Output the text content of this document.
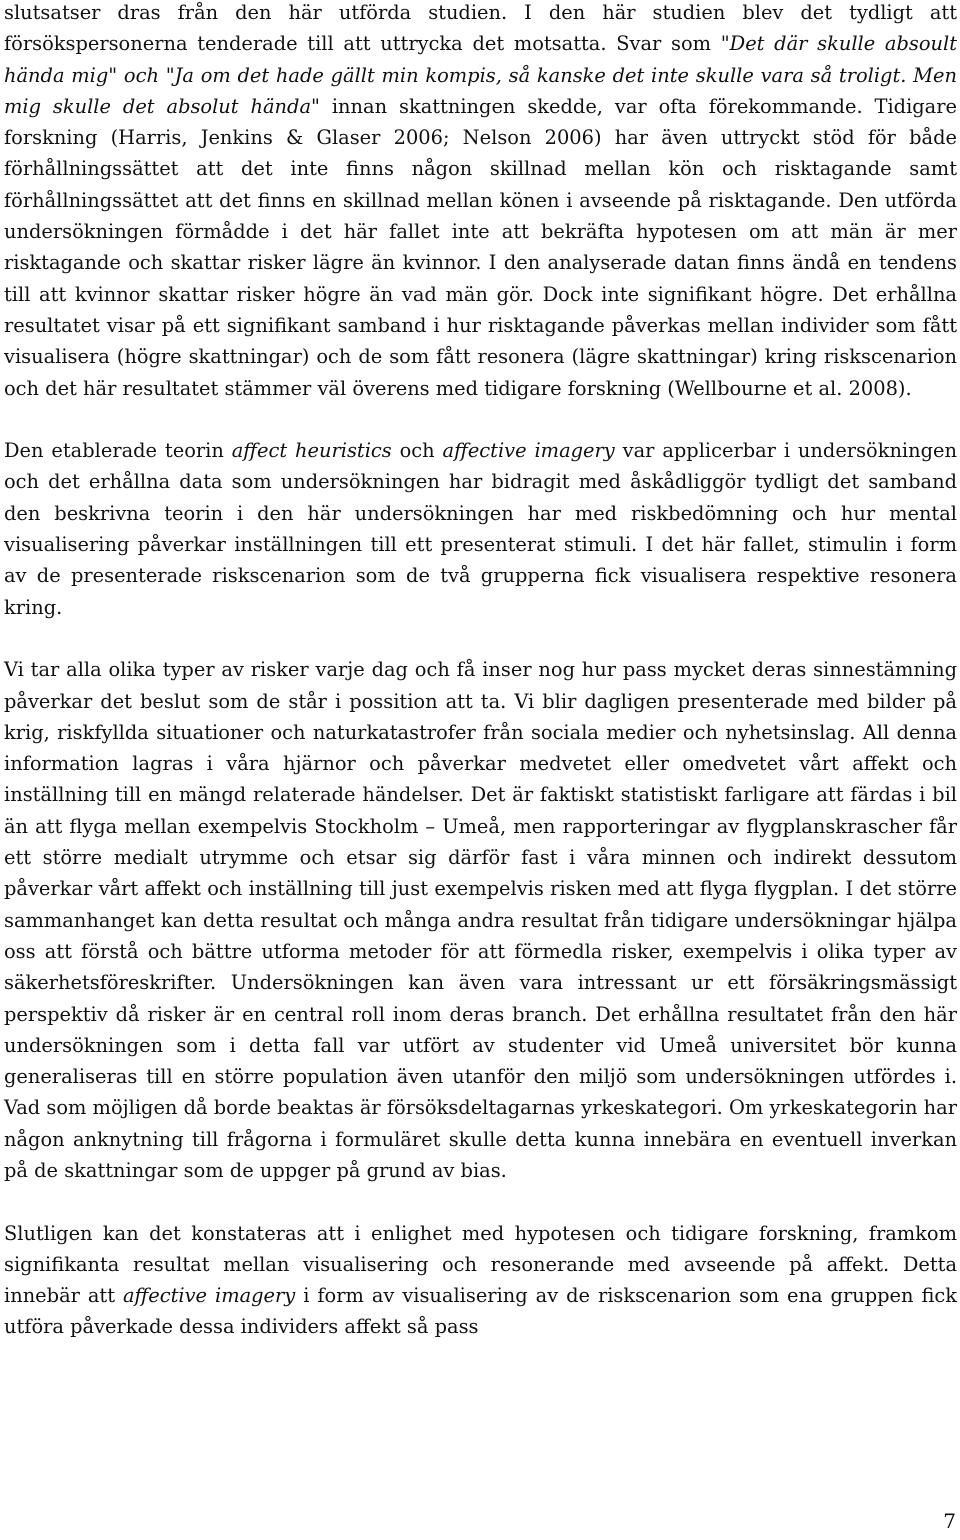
slutsatser dras från den här utförda studien. I den här studien blev det tydligt att försökspersonerna tenderade till att uttrycka det motsatta. Svar som "Det där skulle absoult hända mig" och "Ja om det hade gällt min kompis, så kanske det inte skulle vara så troligt. Men mig skulle det absolut hända" innan skattningen skedde, var ofta förekommande. Tidigare forskning (Harris, Jenkins & Glaser 2006; Nelson 2006) har även uttryckt stöd för både förhållningssättet att det inte finns någon skillnad mellan kön och risktagande samt förhållningssättet att det finns en skillnad mellan könen i avseende på risktagande. Den utförda undersökningen förmådde i det här fallet inte att bekräfta hypotesen om att män är mer risktagande och skattar risker lägre än kvinnor. I den analyserade datan finns ändå en tendens till att kvinnor skattar risker högre än vad män gör. Dock inte signifikant högre. Det erhållna resultatet visar på ett signifikant samband i hur risktagande påverkas mellan individer som fått visualisera (högre skattningar) och de som fått resonera (lägre skattningar) kring riskscenarion och det här resultatet stämmer väl överens med tidigare forskning (Wellbourne et al. 2008).

Den etablerade teorin affect heuristics och affective imagery var applicerbar i undersökningen och det erhållna data som undersökningen har bidragit med åskådliggör tydligt det samband den beskrivna teorin i den här undersökningen har med riskbedömning och hur mental visualisering påverkar inställningen till ett presenterat stimuli. I det här fallet, stimulin i form av de presenterade riskscenarion som de två grupperna fick visualisera respektive resonera kring.

Vi tar alla olika typer av risker varje dag och få inser nog hur pass mycket deras sinnestämning påverkar det beslut som de står i possition att ta. Vi blir dagligen presenterade med bilder på krig, riskfyllda situationer och naturkatastrofer från sociala medier och nyhetsinslag. All denna information lagras i våra hjärnor och påverkar medvetet eller omedvetet vårt affekt och inställning till en mängd relaterade händelser. Det är faktiskt statistiskt farligare att färdas i bil än att flyga mellan exempelvis Stockholm – Umeå, men rapporteringar av flygplanskrascher får ett större medialt utrymme och etsar sig därför fast i våra minnen och indirekt dessutom påverkar vårt affekt och inställning till just exempelvis risken med att flyga flygplan. I det större sammanhanget kan detta resultat och många andra resultat från tidigare undersökningar hjälpa oss att förstå och bättre utforma metoder för att förmedla risker, exempelvis i olika typer av säkerhetsföreskrifter. Undersökningen kan även vara intressant ur ett försäkringsmässigt perspektiv då risker är en central roll inom deras branch. Det erhållna resultatet från den här undersökningen som i detta fall var utfört av studenter vid Umeå universitet bör kunna generaliseras till en större population även utanför den miljö som undersökningen utfördes i. Vad som möjligen då borde beaktas är försöksdeltagarnas yrkeskategori. Om yrkeskategorin har någon anknytning till frågorna i formuläret skulle detta kunna innebära en eventuell inverkan på de skattningar som de uppger på grund av bias.

Slutligen kan det konstateras att i enlighet med hypotesen och tidigare forskning, framkom signifikanta resultat mellan visualisering och resonerande med avseende på affekt. Detta innebär att affective imagery i form av visualisering av de riskscenarion som ena gruppen fick utföra påverkade dessa individers affekt så pass

7
